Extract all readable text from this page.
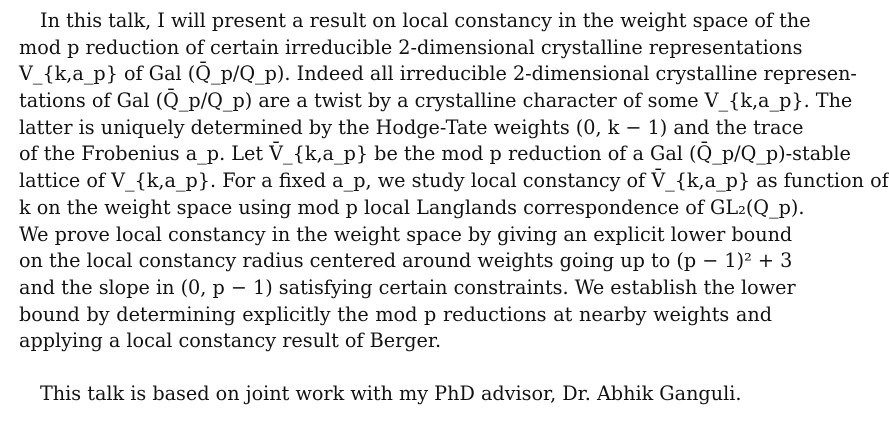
In this talk, I will present a result on local constancy in the weight space of the
mod p reduction of certain irreducible 2-dimensional crystalline representations
V_{k,a_p} of Gal (Q̄_p/Q_p). Indeed all irreducible 2-dimensional crystalline represen-
tations of Gal (Q̄_p/Q_p) are a twist by a crystalline character of some V_{k,a_p}. The
latter is uniquely determined by the Hodge-Tate weights (0, k − 1) and the trace
of the Frobenius a_p. Let V̄_{k,a_p} be the mod p reduction of a Gal (Q̄_p/Q_p)-stable
lattice of V_{k,a_p}. For a fixed a_p, we study local constancy of V̄_{k,a_p} as function of
k on the weight space using mod p local Langlands correspondence of GL₂(Q_p).
We prove local constancy in the weight space by giving an explicit lower bound
on the local constancy radius centered around weights going up to (p − 1)² + 3
and the slope in (0, p − 1) satisfying certain constraints. We establish the lower
bound by determining explicitly the mod p reductions at nearby weights and
applying a local constancy result of Berger.
This talk is based on joint work with my PhD advisor, Dr. Abhik Ganguli.
